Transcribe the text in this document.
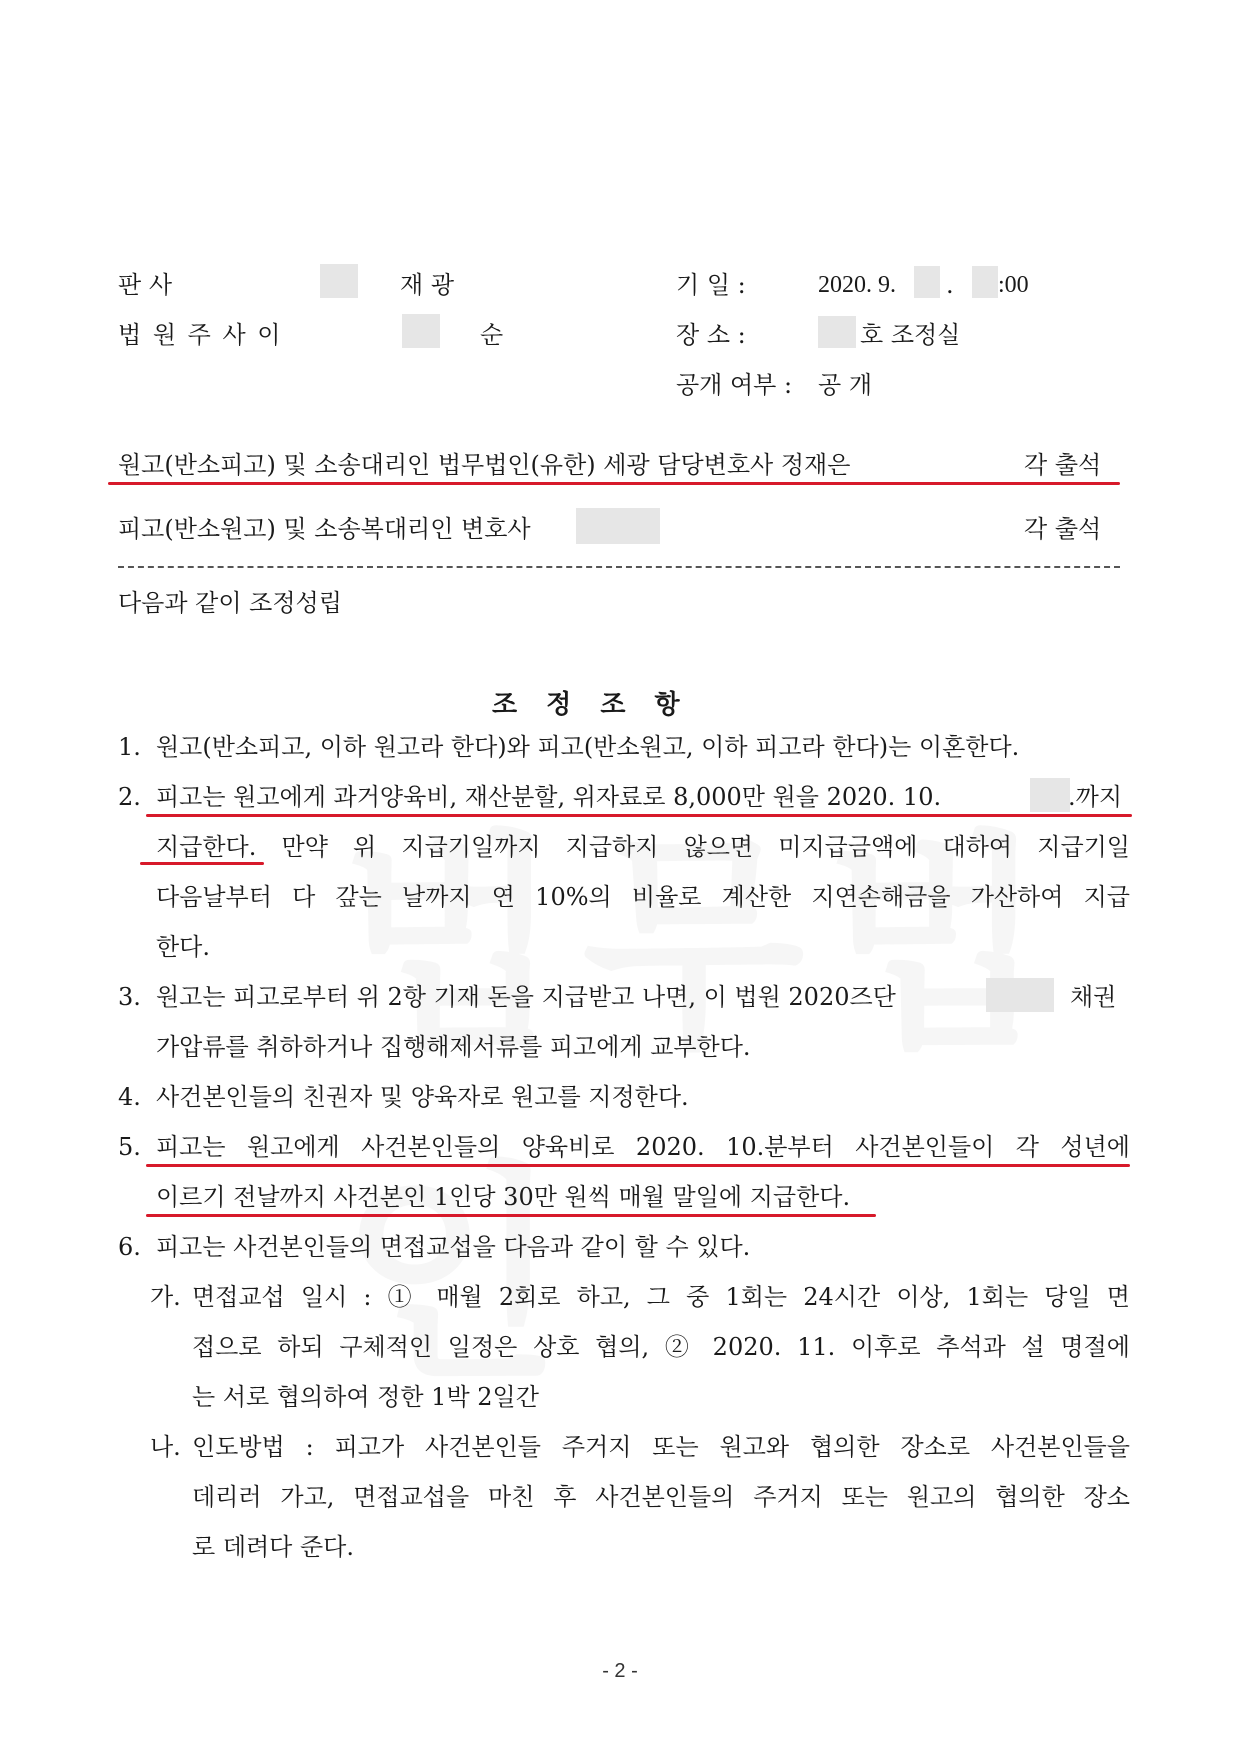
판 사	재 광
법 원 주 사 이	순
기 일 :	2020. 9. . :00
장 소 :	호 조정실
공개 여부 : 공 개
원고(반소피고) 및 소송대리인 법무법인(유한) 세광 담당변호사 정재은	각 출석
피고(반소원고) 및 소송복대리인 변호사	각 출석
다음과 같이 조정성립
조 정 조 항
1. 원고(반소피고, 이하 원고라 한다)와 피고(반소원고, 이하 피고라 한다)는 이혼한다.
2. 피고는 원고에게 과거양육비, 재산분할, 위자료로 8,000만 원을 2020. 10.	.까지
지급한다. 만약 위 지급기일까지 지급하지 않으면 미지급금액에 대하여 지급기일
다음날부터 다 갚는 날까지 연 10%의 비율로 계산한 지연손해금을 가산하여 지급
한다.
3. 원고는 피고로부터 위 2항 기재 돈을 지급받고 나면, 이 법원 2020즈단	채권
가압류를 취하하거나 집행해제서류를 피고에게 교부한다.
4. 사건본인들의 친권자 및 양육자로 원고를 지정한다.
5. 피고는 원고에게 사건본인들의 양육비로 2020. 10.분부터 사건본인들이 각 성년에
이르기 전날까지 사건본인 1인당 30만 원씩 매월 말일에 지급한다.
6. 피고는 사건본인들의 면접교섭을 다음과 같이 할 수 있다.
가. 면접교섭 일시 : ① 매월 2회로 하고, 그 중 1회는 24시간 이상, 1회는 당일 면
접으로 하되 구체적인 일정은 상호 협의, ② 2020. 11. 이후로 추석과 설 명절에
는 서로 협의하여 정한 1박 2일간
나. 인도방법 : 피고가 사건본인들 주거지 또는 원고와 협의한 장소로 사건본인들을
데리러 가고, 면접교섭을 마친 후 사건본인들의 주거지 또는 원고의 협의한 장소
로 데려다 준다.
- 2 -
